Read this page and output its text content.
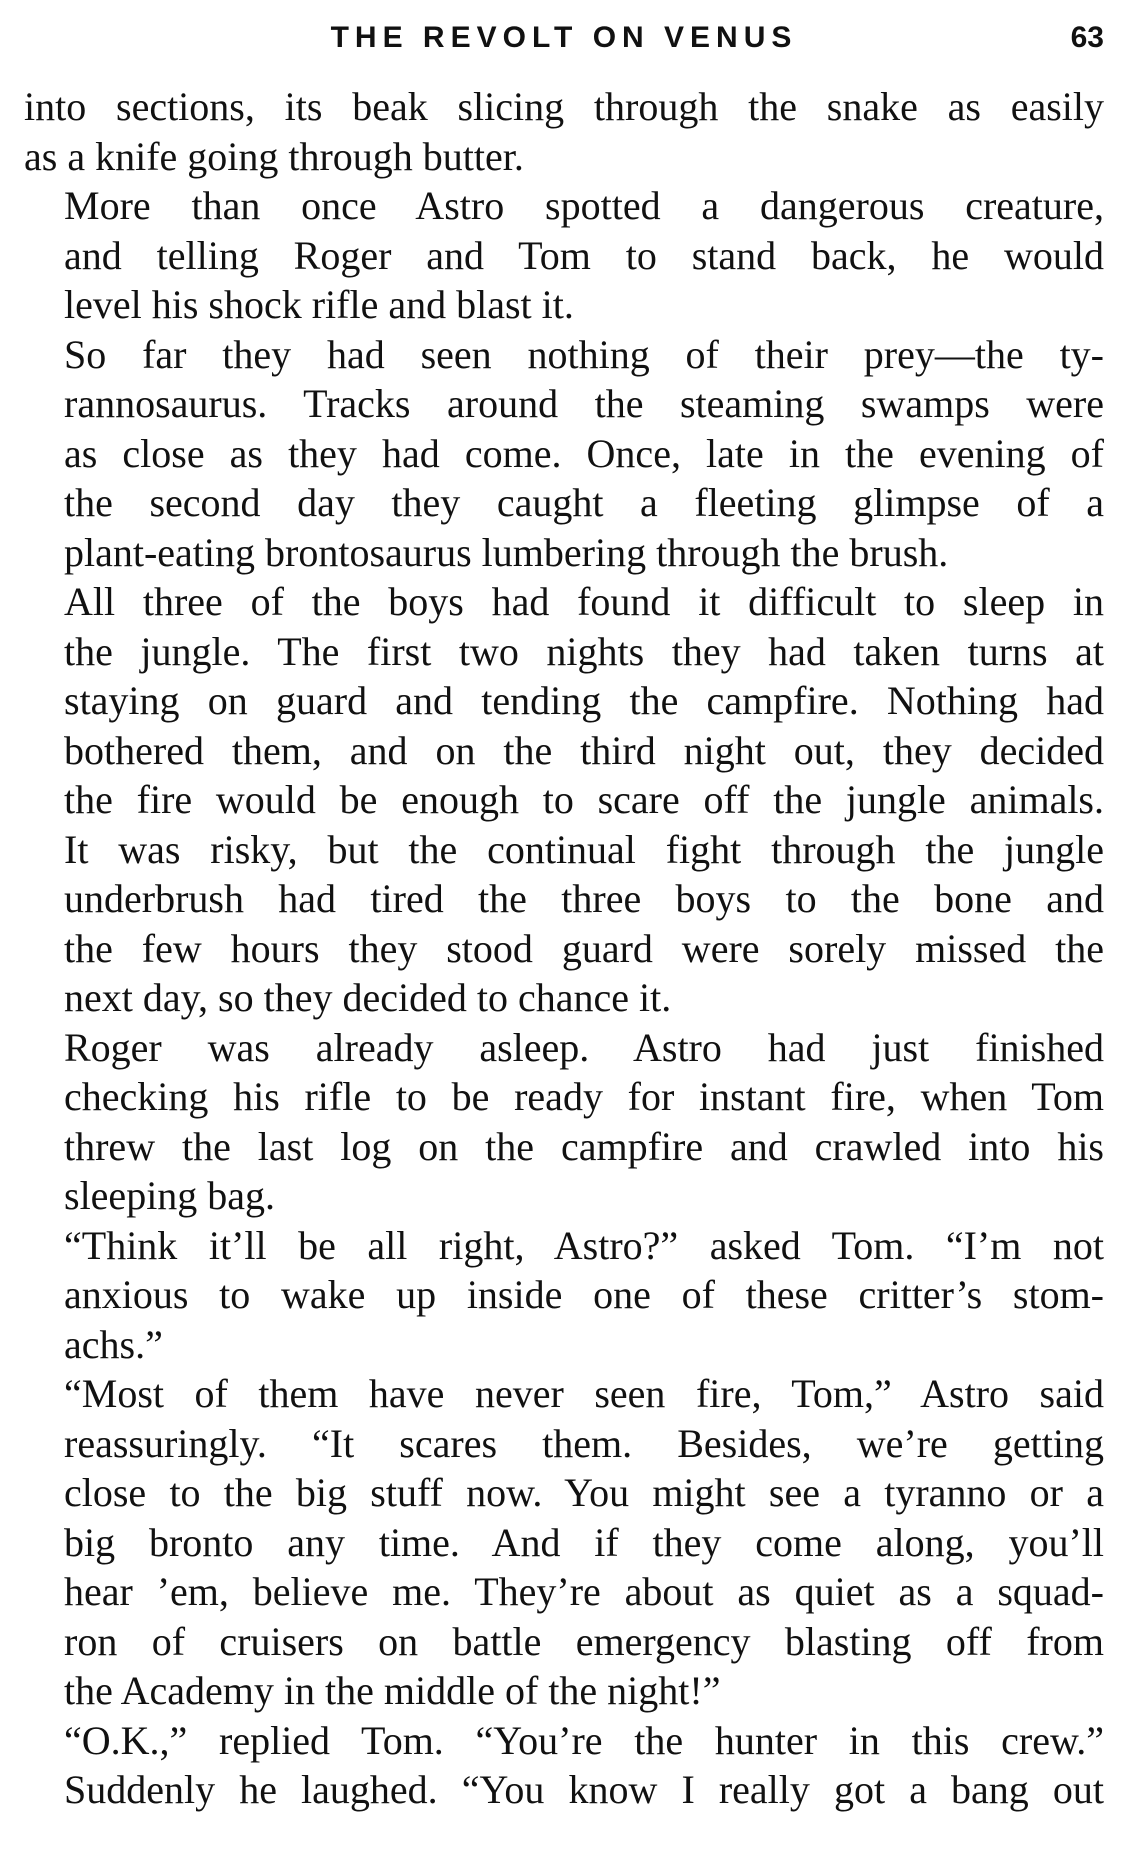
THE REVOLT ON VENUS	63

into sections, its beak slicing through the snake as easily
as a knife going through butter.

More than once Astro spotted a dangerous creature,
and telling Roger and Tom to stand back, he would
level his shock rifle and blast it.

So far they had seen nothing of their prey—the ty-
rannosaurus. Tracks around the steaming swamps were
as close as they had come. Once, late in the evening of
the second day they caught a fleeting glimpse of a
plant-eating brontosaurus lumbering through the brush.

All three of the boys had found it difficult to sleep in
the jungle. The first two nights they had taken turns at
staying on guard and tending the campfire. Nothing had
bothered them, and on the third night out, they decided
the fire would be enough to scare off the jungle animals.
It was risky, but the continual fight through the jungle
underbrush had tired the three boys to the bone and
the few hours they stood guard were sorely missed the
next day, so they decided to chance it.

Roger was already asleep. Astro had just finished
checking his rifle to be ready for instant fire, when Tom
threw the last log on the campfire and crawled into his
sleeping bag.

“Think it’ll be all right, Astro?” asked Tom. “I’m not
anxious to wake up inside one of these critter’s stom-
achs.”

“Most of them have never seen fire, Tom,” Astro said
reassuringly. “It scares them. Besides, we’re getting
close to the big stuff now. You might see a tyranno or a
big bronto any time. And if they come along, you’ll
hear ’em, believe me. They’re about as quiet as a squad-
ron of cruisers on battle emergency blasting off from
the Academy in the middle of the night!”

“O.K.,” replied Tom. “You’re the hunter in this crew.”
Suddenly he laughed. “You know I really got a bang out
